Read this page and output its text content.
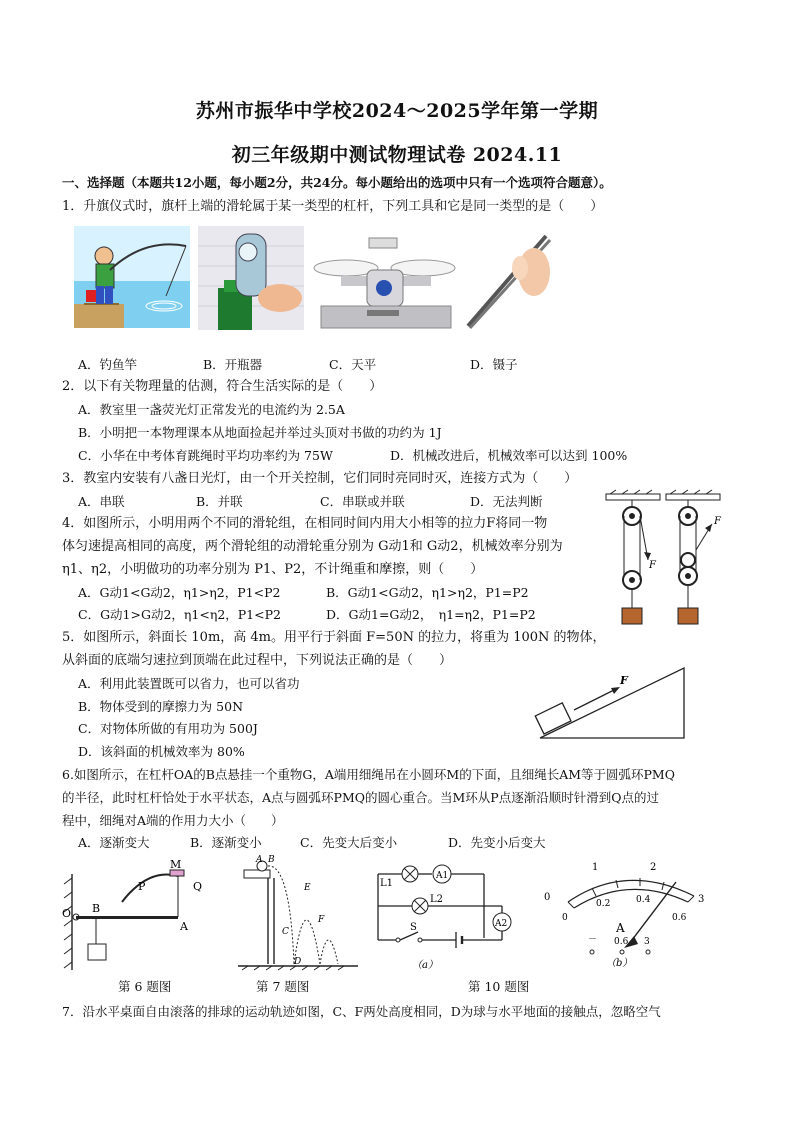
苏州市振华中学校2024～2025学年第一学期
初三年级期中测试物理试卷 2024.11
一、选择题（本题共12小题，每小题2分，共24分。每小题给出的选项中只有一个选项符合题意）。
1．升旗仪式时，旗杆上端的滑轮属于某一类型的杠杆，下列工具和它是同一类型的是（　　）
A．钓鱼竿	B．开瓶器	C．天平	D．镊子
2．以下有关物理量的估测，符合生活实际的是（　　）
A．教室里一盏荧光灯正常发光的电流约为 2.5A
B．小明把一本物理课本从地面捡起并举过头顶对书做的功约为 1J
C．小华在中考体育跳绳时平均功率约为 75W	D．机械改进后，机械效率可以达到 100%
3．教室内安装有八盏日光灯，由一个开关控制，它们同时亮同时灭，连接方式为（　　）
A．串联	B．并联	C．串联或并联	D．无法判断
4．如图所示，小明用两个不同的滑轮组，在相同时间内用大小相等的拉力F将同一物
体匀速提高相同的高度，两个滑轮组的动滑轮重分别为 G动1和 G动2，机械效率分别为
η1、η2，小明做功的功率分别为 P1、P2，不计绳重和摩擦，则（　　）
A．G动1<G动2，η1>η2，P1<P2	B．G动1<G动2，η1>η2，P1=P2
C．G动1>G动2，η1<η2，P1<P2	D．G动1=G动2，　η1=η2，P1=P2
F
F
5．如图所示，斜面长 10m，高 4m。用平行于斜面 F=50N 的拉力，将重为 100N 的物体，
从斜面的底端匀速拉到顶端在此过程中，下列说法正确的是（　　）
A．利用此装置既可以省力，也可以省功
B．物体受到的摩擦力为 50N
C．对物体所做的有用功为 500J
D．该斜面的机械效率为 80%
F
6.如图所示，在杠杆OA的B点悬挂一个重物G，A端用细绳吊在小圆环M的下面，且细绳长AM等于圆弧环PMQ
的半径，此时杠杆恰处于水平状态，A点与圆弧环PMQ的圆心重合。当M环从P点逐渐沿顺时针滑到Q点的过
程中，细绳对A端的作用力大小（　　）
A．逐渐变大	B．逐渐变小	C．先变大后变小	D．先变小后变大
M
P	Q
O B
A
第 6 题图
A B
E
C
F
D
第 7 题图
L1
A1
L2
A2
S
（a）
0
1	2
3
0
0.2	0.4
0.6
A
－ 0.6 3
（b）
第 10 题图
7．沿水平桌面自由滚落的排球的运动轨迹如图，C、F两处高度相同，D为球与水平地面的接触点，忽略空气
